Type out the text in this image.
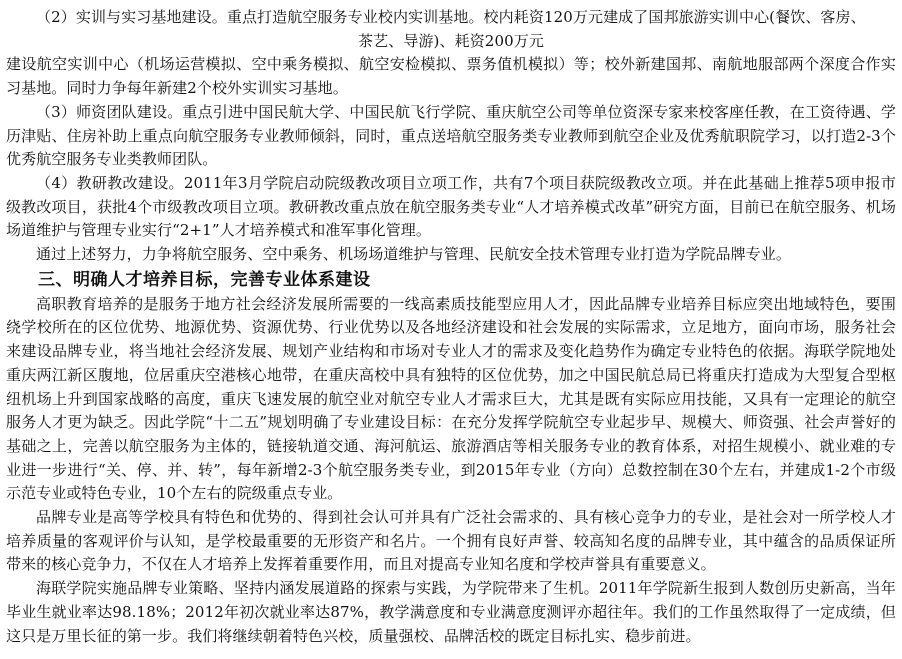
（2）实训与实习基地建设。重点打造航空服务专业校内实训基地。校内耗资120万元建成了国邦旅游实训中心(餐饮、客房、
茶艺、导游)、耗资200万元
建设航空实训中心（机场运营模拟、空中乘务模拟、航空安检模拟、票务值机模拟）等；校外新建国邦、南航地服部两个深度合作实习基地。同时力争每年新建2个校外实训实习基地。

（3）师资团队建设。重点引进中国民航大学、中国民航飞行学院、重庆航空公司等单位资深专家来校客座任教，在工资待遇、学历津贴、住房补助上重点向航空服务专业教师倾斜，同时，重点送培航空服务类专业教师到航空企业及优秀航职院学习，以打造2-3个优秀航空服务专业类教师团队。

（4）教研教改建设。2011年3月学院启动院级教改项目立项工作，共有7个项目获院级教改立项。并在此基础上推荐5项申报市级教改项目，获批4个市级教改项目立项。教研教改重点放在航空服务类专业“人才培养模式改革”研究方面，目前已在航空服务、机场场道维护与管理专业实行“2+1”人才培养模式和准军事化管理。

通过上述努力，力争将航空服务、空中乘务、机场场道维护与管理、民航安全技术管理专业打造为学院品牌专业。

三、明确人才培养目标，完善专业体系建设

高职教育培养的是服务于地方社会经济发展所需要的一线高素质技能型应用人才，因此品牌专业培养目标应突出地域特色，要围绕学校所在的区位优势、地源优势、资源优势、行业优势以及各地经济建设和社会发展的实际需求，立足地方，面向市场，服务社会来建设品牌专业，将当地社会经济发展、规划产业结构和市场对专业人才的需求及变化趋势作为确定专业特色的依据。海联学院地处重庆两江新区腹地，位居重庆空港核心地带，在重庆高校中具有独特的区位优势，加之中国民航总局已将重庆打造成为大型复合型枢纽机场上升到国家战略的高度，重庆飞速发展的航空业对航空专业人才需求巨大，尤其是既有实际应用技能，又具有一定理论的航空服务人才更为缺乏。因此学院“十二五”规划明确了专业建设目标：在充分发挥学院航空专业起步早、规模大、师资强、社会声誉好的基础之上，完善以航空服务为主体的，链接轨道交通、海河航运、旅游酒店等相关服务专业的教育体系，对招生规模小、就业难的专业进一步进行“关、停、并、转”，每年新增2-3个航空服务类专业，到2015年专业（方向）总数控制在30个左右，并建成1-2个市级示范专业或特色专业，10个左右的院级重点专业。

品牌专业是高等学校具有特色和优势的、得到社会认可并具有广泛社会需求的、具有核心竞争力的专业，是社会对一所学校人才培养质量的客观评价与认知，是学校最重要的无形资产和名片。一个拥有良好声誉、较高知名度的品牌专业，其中蕴含的品质保证所带来的核心竞争力，不仅在人才培养上发挥着重要作用，而且对提高专业知名度和学校声誉具有重要意义。

海联学院实施品牌专业策略、坚持内涵发展道路的探索与实践，为学院带来了生机。2011年学院新生报到人数创历史新高，当年毕业生就业率达98.18%；2012年初次就业率达87%，教学满意度和专业满意度测评亦超往年。我们的工作虽然取得了一定成绩，但这只是万里长征的第一步。我们将继续朝着特色兴校，质量强校、品牌活校的既定目标扎实、稳步前进。
